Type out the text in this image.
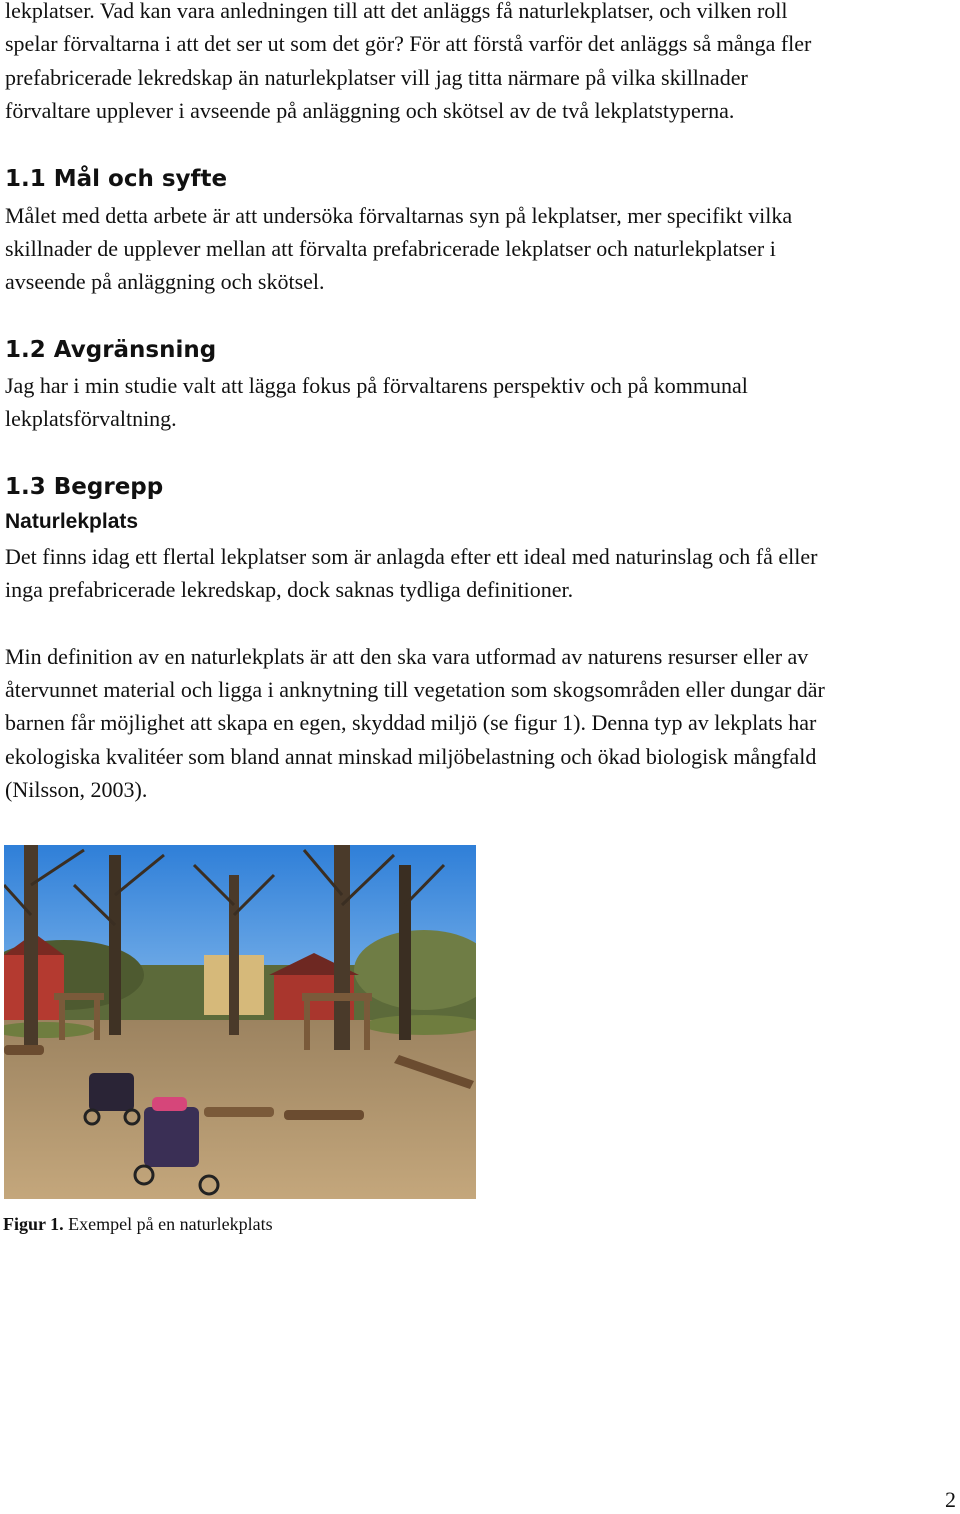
lekplatser. Vad kan vara anledningen till att det anläggs få naturlekplatser, och vilken roll

spelar förvaltarna i att det ser ut som det gör? För att förstå varför det anläggs så många fler

prefabricerade lekredskap än naturlekplatser vill jag titta närmare på vilka skillnader

förvaltare upplever i avseende på anläggning och skötsel av de två lekplatstyperna.

1.1 Mål och syfte

Målet med detta arbete är att undersöka förvaltarnas syn på lekplatser, mer specifikt vilka

skillnader de upplever mellan att förvalta prefabricerade lekplatser och naturlekplatser i

avseende på anläggning och skötsel.

1.2 Avgränsning

Jag har i min studie valt att lägga fokus på förvaltarens perspektiv och på kommunal

lekplatsförvaltning.

1.3 Begrepp
Naturlekplats

Det finns idag ett flertal lekplatser som är anlagda efter ett ideal med naturinslag och få eller

inga prefabricerade lekredskap, dock saknas tydliga definitioner.

Min definition av en naturlekplats är att den ska vara utformad av naturens resurser eller av

återvunnet material och ligga i anknytning till vegetation som skogsområden eller dungar där

barnen får möjlighet att skapa en egen, skyddad miljö (se figur 1). Denna typ av lekplats har

ekologiska kvalitéer som bland annat minskad miljöbelastning och ökad biologisk mångfald

(Nilsson, 2003).

Figur 1. Exempel på en naturlekplats

2
